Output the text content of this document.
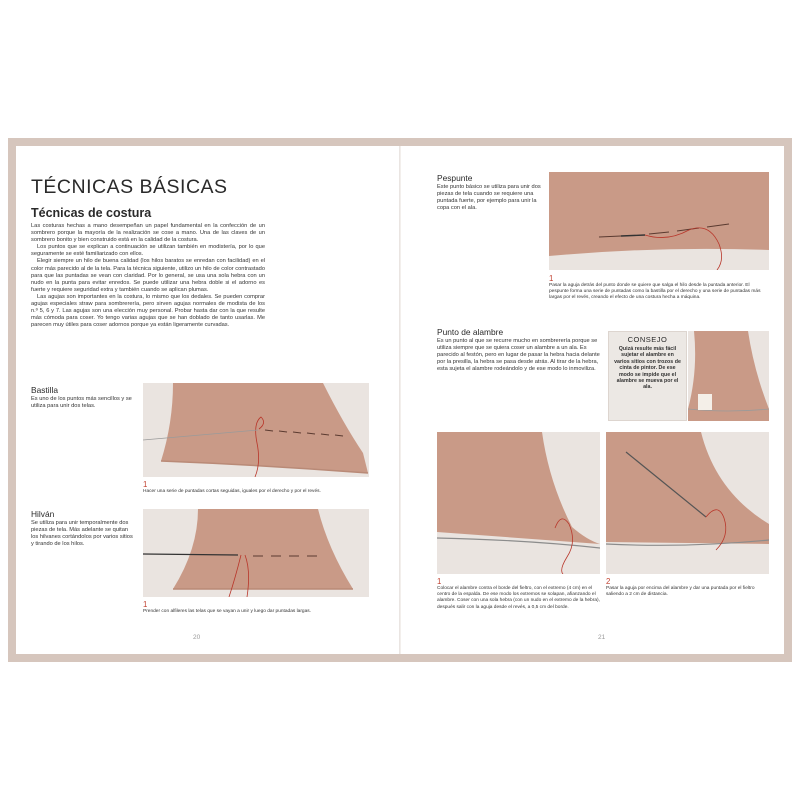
TÉCNICAS BÁSICAS
Técnicas de costura

Las costuras hechas a mano desempeñan un papel fundamental en la confección de un sombrero porque la mayoría de la realización se cose a mano. Una de las claves de un sombrero bonito y bien construido está en la calidad de la costura.

Los puntos que se explican a continuación se utilizan también en modistería, por lo que seguramente se esté familiarizado con ellos.

Elegir siempre un hilo de buena calidad (los hilos baratos se enredan con facilidad) en el color más parecido al de la tela. Para la técnica siguiente, utilizo un hilo de color contrastado para que las puntadas se vean con claridad. Por lo general, se usa una sola hebra con un nudo en la punta para evitar enredos. Se puede utilizar una hebra doble si el adorno es fuerte y requiere seguridad extra y también cuando se aplican plumas.

Las agujas son importantes en la costura, lo mismo que los dedales. Se pueden comprar agujas especiales straw para sombrerería, pero sirven agujas normales de modista de los n.º 5, 6 y 7. Las agujas son una elección muy personal. Probar hasta dar con la que resulte más cómoda para coser. Yo tengo varias agujas que se han doblado de tanto usarlas. Me parecen muy útiles para coser adornos porque ya están ligeramente curvadas.

Bastilla
Es uno de los puntos más sencillos y se utiliza para unir dos telas.
1
Hacer una serie de puntadas cortas seguidas, iguales por el derecho y por el revés.
Hilván
Se utiliza para unir temporalmente dos piezas de tela. Más adelante se quitan los hilvanes cortándolos por varios sitios y tirando de los hilos.
1
Prender con alfileres las telas que se vayan a unir y luego dar puntadas largas.
20
Pespunte
Este punto básico se utiliza para unir dos piezas de tela cuando se requiere una puntada fuerte, por ejemplo para unir la copa con el ala.
1
Pasar la aguja detrás del punto donde se quiere que salga el hilo desde la puntada anterior. El pespunte forma una serie de puntadas como la bastilla por el derecho y una serie de puntadas más largas por el revés, creando el efecto de una costura hecha a máquina.
Punto de alambre
Es un punto al que se recurre mucho en sombrerería porque se utiliza siempre que se quiera coser un alambre a un ala. Es parecido al festón, pero en lugar de pasar la hebra hacia delante por la presilla, la hebra se pasa desde atrás. Al tirar de la hebra, esta sujeta el alambre rodeándolo y de ese modo lo inmoviliza.
CONSEJO
Quizá resulte más fácil sujetar el alambre en varios sitios con trozos de cinta de pintor. De ese modo se impide que el alambre se mueva por el ala.
1
Colocar el alambre contra el borde del fieltro, con el extremo (4 cm) en el centro de la espalda. De ese modo los extremos se solapan, afianzando el alambre. Coser con una sola hebra (con un nudo en el extremo de la hebra), después salir con la aguja desde el revés, a 0,5 cm del borde.
2
Pasar la aguja por encima del alambre y dar una puntada por el fieltro saliendo a 2 cm de distancia.
21
